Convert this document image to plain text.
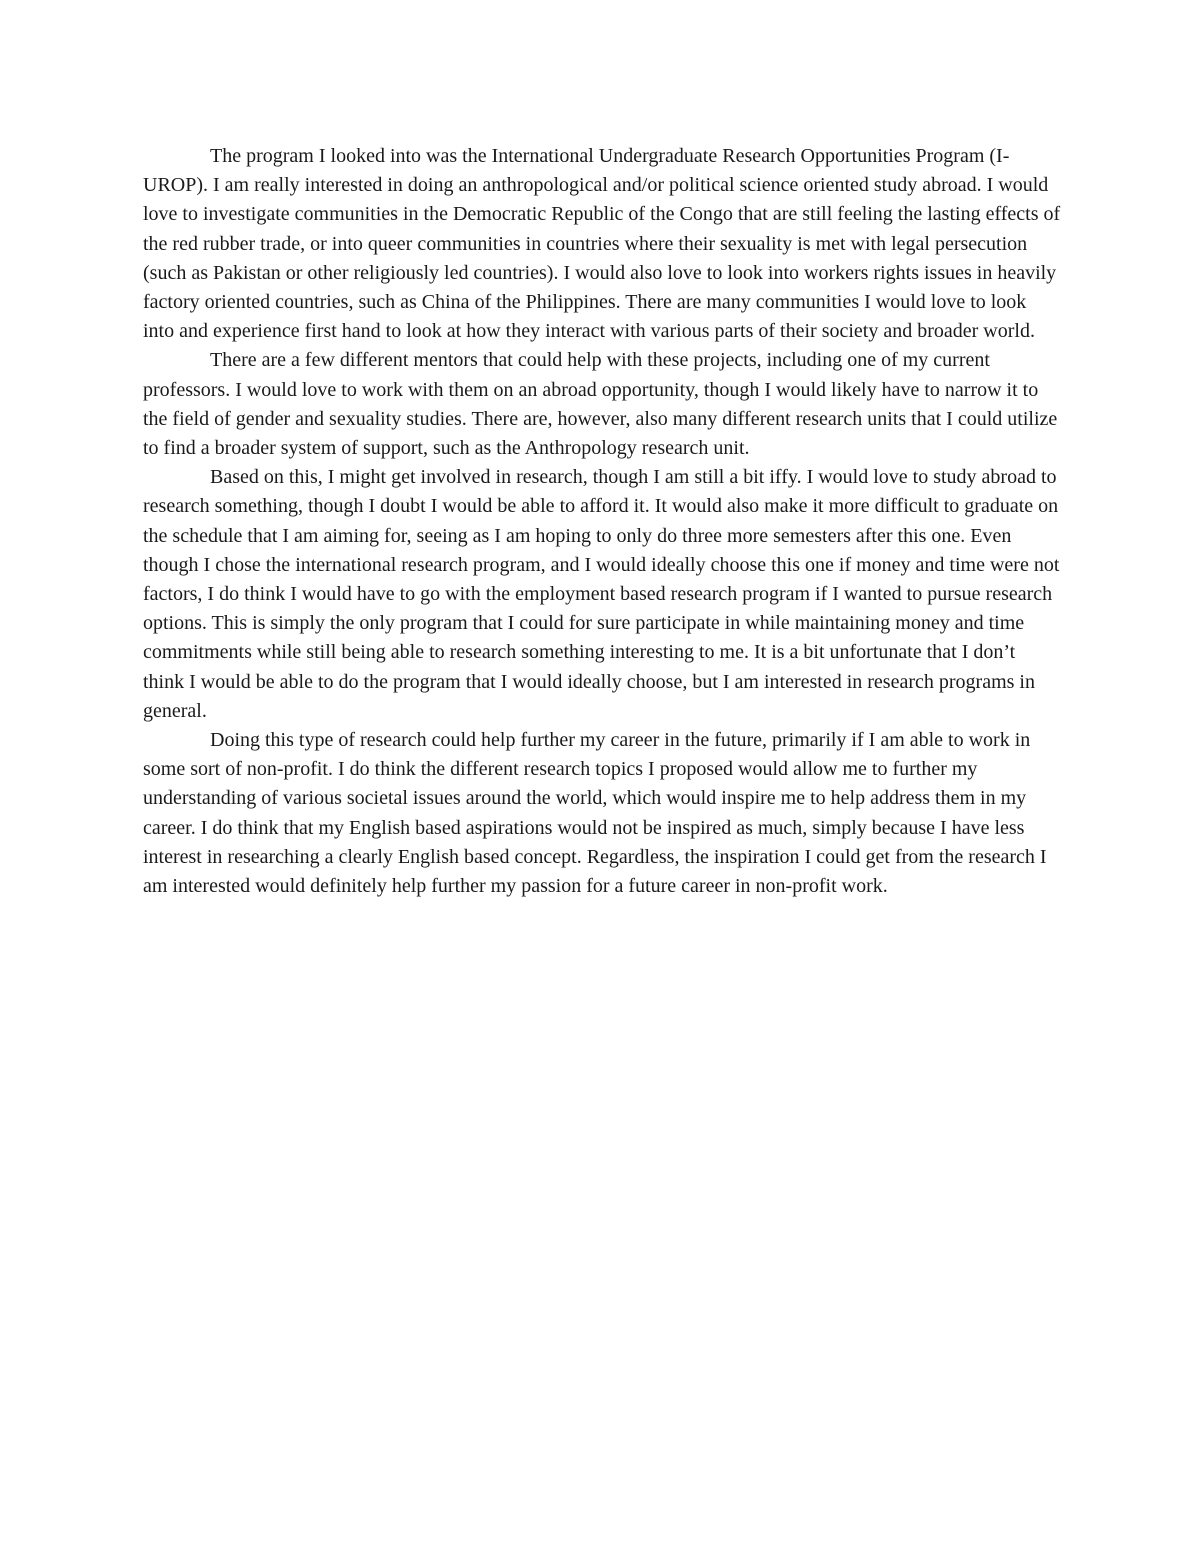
The program I looked into was the International Undergraduate Research Opportunities Program (I-UROP). I am really interested in doing an anthropological and/or political science oriented study abroad. I would love to investigate communities in the Democratic Republic of the Congo that are still feeling the lasting effects of the red rubber trade, or into queer communities in countries where their sexuality is met with legal persecution (such as Pakistan or other religiously led countries). I would also love to look into workers rights issues in heavily factory oriented countries, such as China of the Philippines. There are many communities I would love to look into and experience first hand to look at how they interact with various parts of their society and broader world.

There are a few different mentors that could help with these projects, including one of my current professors. I would love to work with them on an abroad opportunity, though I would likely have to narrow it to the field of gender and sexuality studies. There are, however, also many different research units that I could utilize to find a broader system of support, such as the Anthropology research unit.

Based on this, I might get involved in research, though I am still a bit iffy. I would love to study abroad to research something, though I doubt I would be able to afford it. It would also make it more difficult to graduate on the schedule that I am aiming for, seeing as I am hoping to only do three more semesters after this one. Even though I chose the international research program, and I would ideally choose this one if money and time were not factors, I do think I would have to go with the employment based research program if I wanted to pursue research options. This is simply the only program that I could for sure participate in while maintaining money and time commitments while still being able to research something interesting to me. It is a bit unfortunate that I don’t think I would be able to do the program that I would ideally choose, but I am interested in research programs in general.

Doing this type of research could help further my career in the future, primarily if I am able to work in some sort of non-profit. I do think the different research topics I proposed would allow me to further my understanding of various societal issues around the world, which would inspire me to help address them in my career. I do think that my English based aspirations would not be inspired as much, simply because I have less interest in researching a clearly English based concept. Regardless, the inspiration I could get from the research I am interested would definitely help further my passion for a future career in non-profit work.
